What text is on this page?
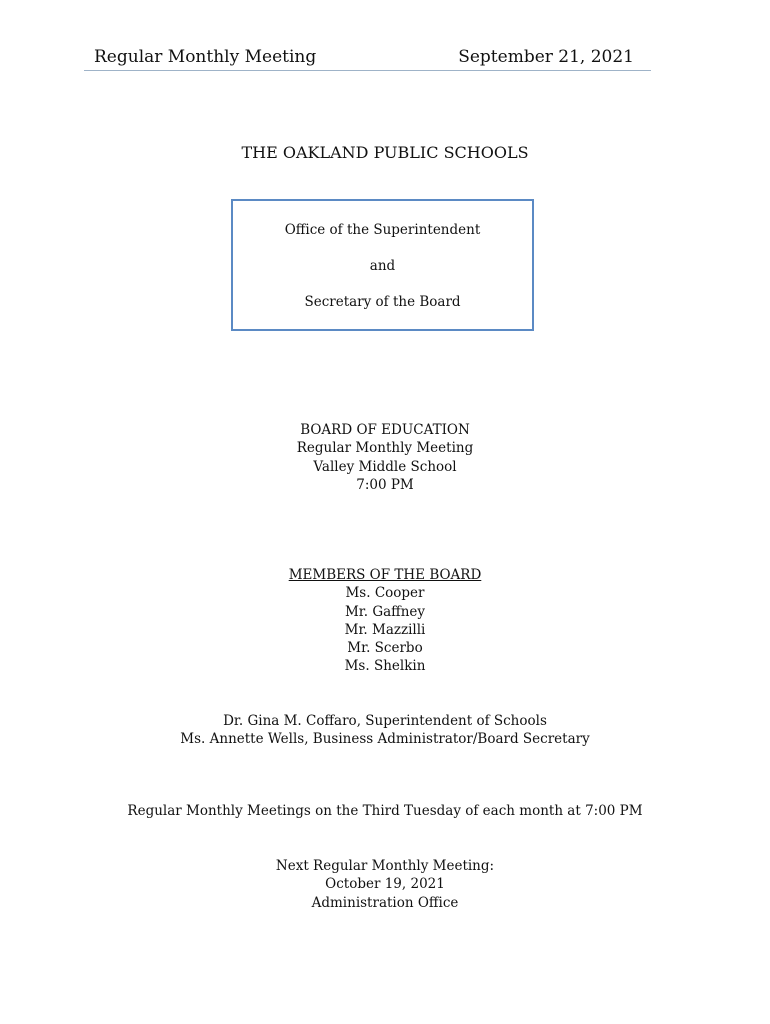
Regular Monthly Meeting	September 21, 2021
THE OAKLAND PUBLIC SCHOOLS
Office of the Superintendent
and
Secretary of the Board
BOARD OF EDUCATION
Regular Monthly Meeting
Valley Middle School
7:00 PM
MEMBERS OF THE BOARD
Ms. Cooper
Mr. Gaffney
Mr. Mazzilli
Mr. Scerbo
Ms. Shelkin
Dr. Gina M. Coffaro, Superintendent of Schools
Ms. Annette Wells, Business Administrator/Board Secretary
Regular Monthly Meetings on the Third Tuesday of each month at 7:00 PM
Next Regular Monthly Meeting:
October 19, 2021
Administration Office
